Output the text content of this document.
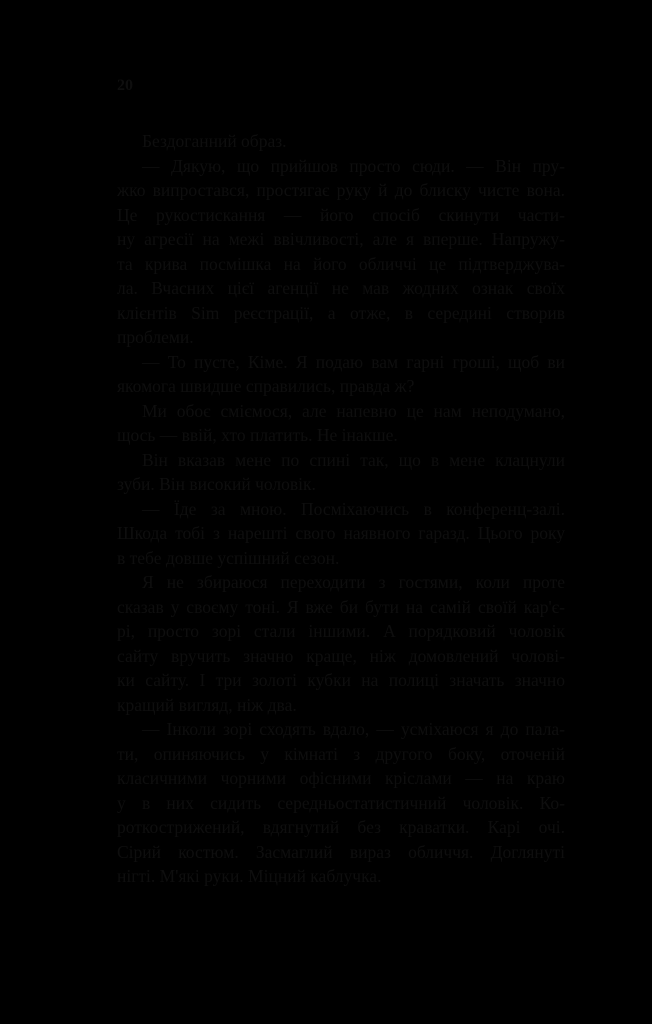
20
Бездоганний образ.
— Дякую, що прийшов просто сюди. — Він пру-
жко випростався, простягає руку й до блиску чисте вона.
Це рукостискання — його спосіб скинути части-
ну агресії на межі ввічливості, але я вперше. Напружу-
та крива посмішка на його обличчі це підтверджува-
ла. Вчасних цієї агенції не мав жодних ознак своїх
клієнтів Sim реєстрації, а отже, в середині створив
проблеми.
— То пусте, Кіме. Я подаю вам гарні гроші, щоб ви
якомога швидше справились, правда ж?
Ми обоє сміємося, але напевно це нам неподумано,
щось — ввій, хто платить. Не інакше.
Він вказав мене по спині так, що в мене клацнули
зуби. Він високий чоловік.
— Їде за мною. Посміхаючись в конференц-залі.
Шкода тобі з нарешті свого наявного гаразд. Цього року
в тебе довше успішний сезон.
Я не збираюся переходити з гостями, коли проте
сказав у своєму тоні. Я вже би бути на самій своїй кар'є-
рі, просто зорі стали іншими. А порядковий чоловік
сайту вручить значно краще, ніж домовлений чолові-
ки сайту. І три золоті кубки на полиці значать значно
кращий вигляд, ніж два.
— Інколи зорі сходять вдало, — усміхаюся я до пала-
ти, опиняючись у кімнаті з другого боку, оточеній
класичними чорними офісними кріслами — на краю
у в них сидить середньостатистичний чоловік. Ко-
роткострижений, вдягнутий без краватки. Карі очі.
Сірий костюм. Засмаглий вираз обличчя. Доглянуті
нігті. М'які руки. Міцний каблучка.
